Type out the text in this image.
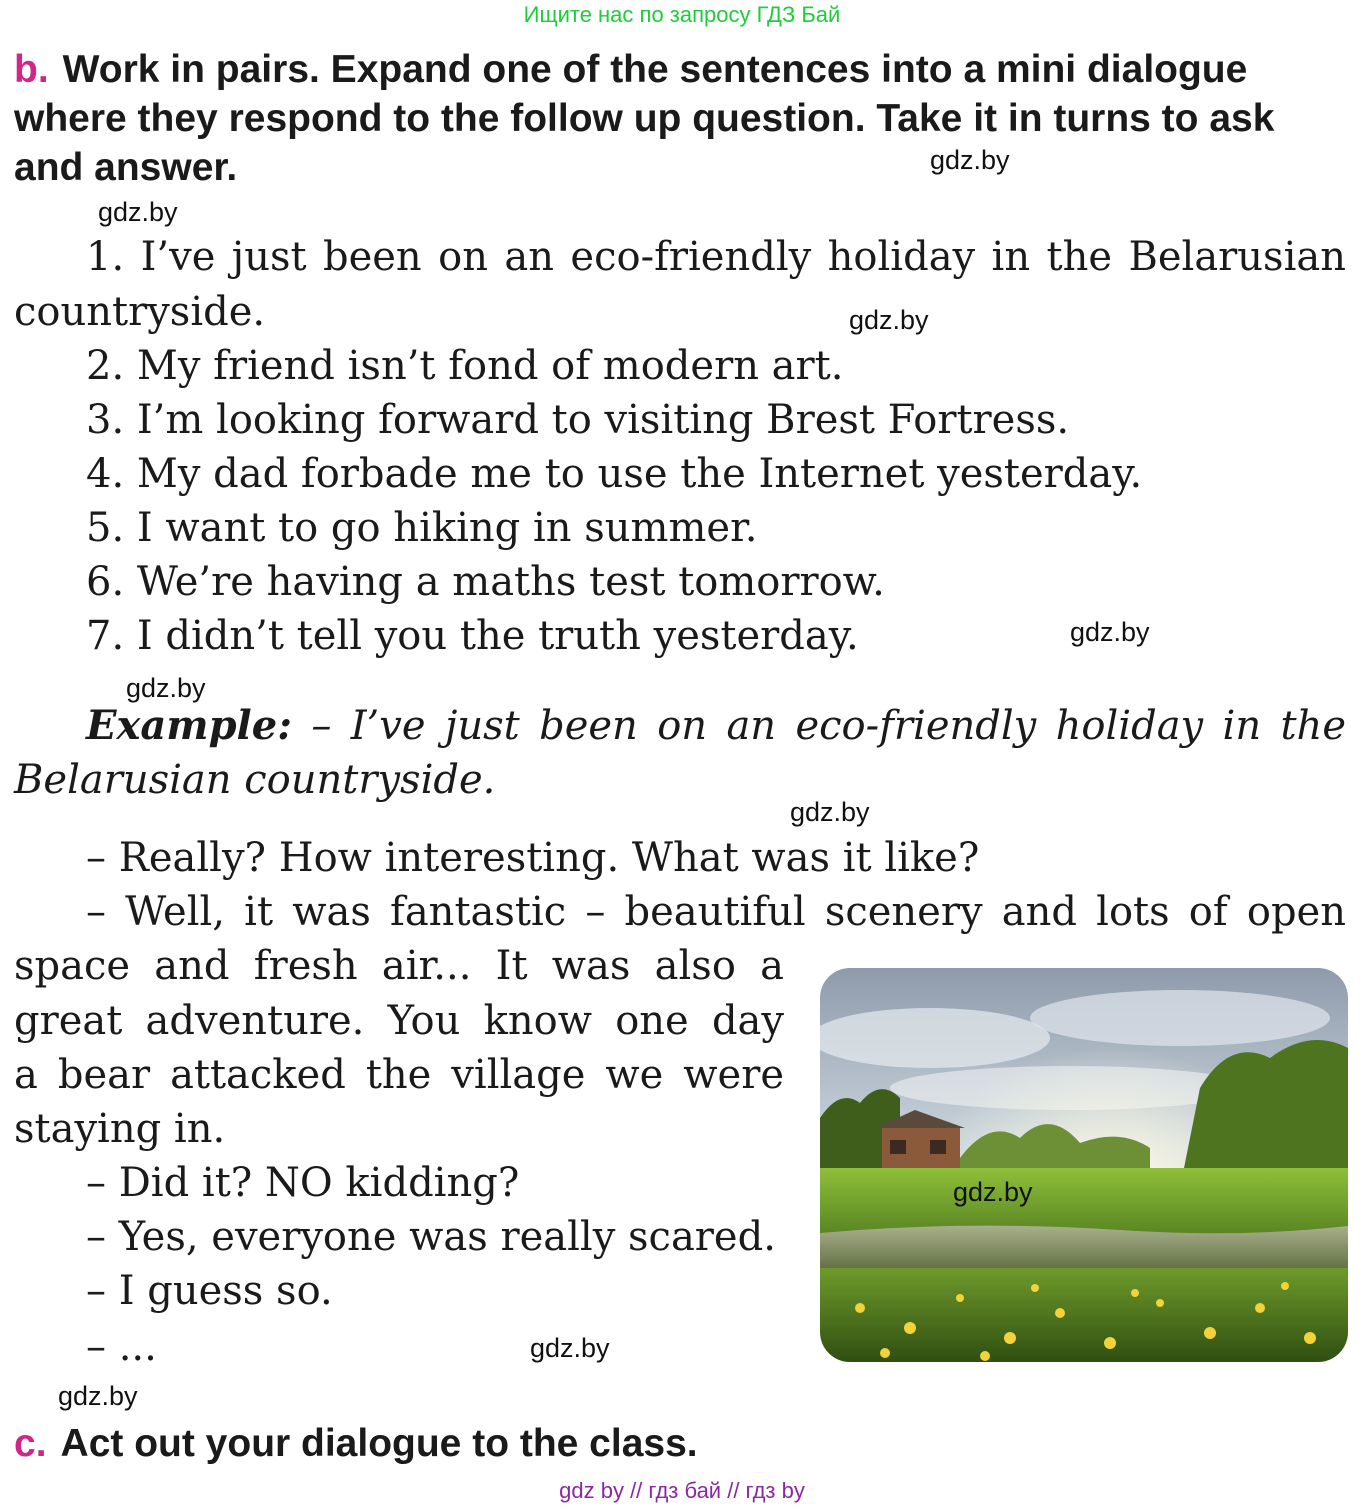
Ищите нас по запросу ГДЗ Бай
b. Work in pairs. Expand one of the sentences into a mini dialogue
where they respond to the follow up question. Take it in turns to ask
and answer.
1. I’ve just been on an eco-friendly holiday in the Belarusian
countryside.
2. My friend isn’t fond of modern art.
3. I’m looking forward to visiting Brest Fortress.
4. My dad forbade me to use the Internet yesterday.
5. I want to go hiking in summer.
6. We’re having a maths test tomorrow.
7. I didn’t tell you the truth yesterday.
Example: – I’ve just been on an eco-friendly holiday in the
Belarusian countryside.
– Really? How interesting. What was it like?
– Well, it was fantastic – beautiful scenery and lots of open
space and fresh air... It was also a
great adventure. You know one day
a bear attacked the village we were
staying in.
– Did it? NO kidding?
– Yes, everyone was really scared.
– I guess so.
– ...
gdz.by
gdz.by
gdz.by
gdz.by
gdz.by
gdz.by
gdz.by
gdz.by
gdz.by
c. Act out your dialogue to the class.
gdz by // гдз бай // гдз by
